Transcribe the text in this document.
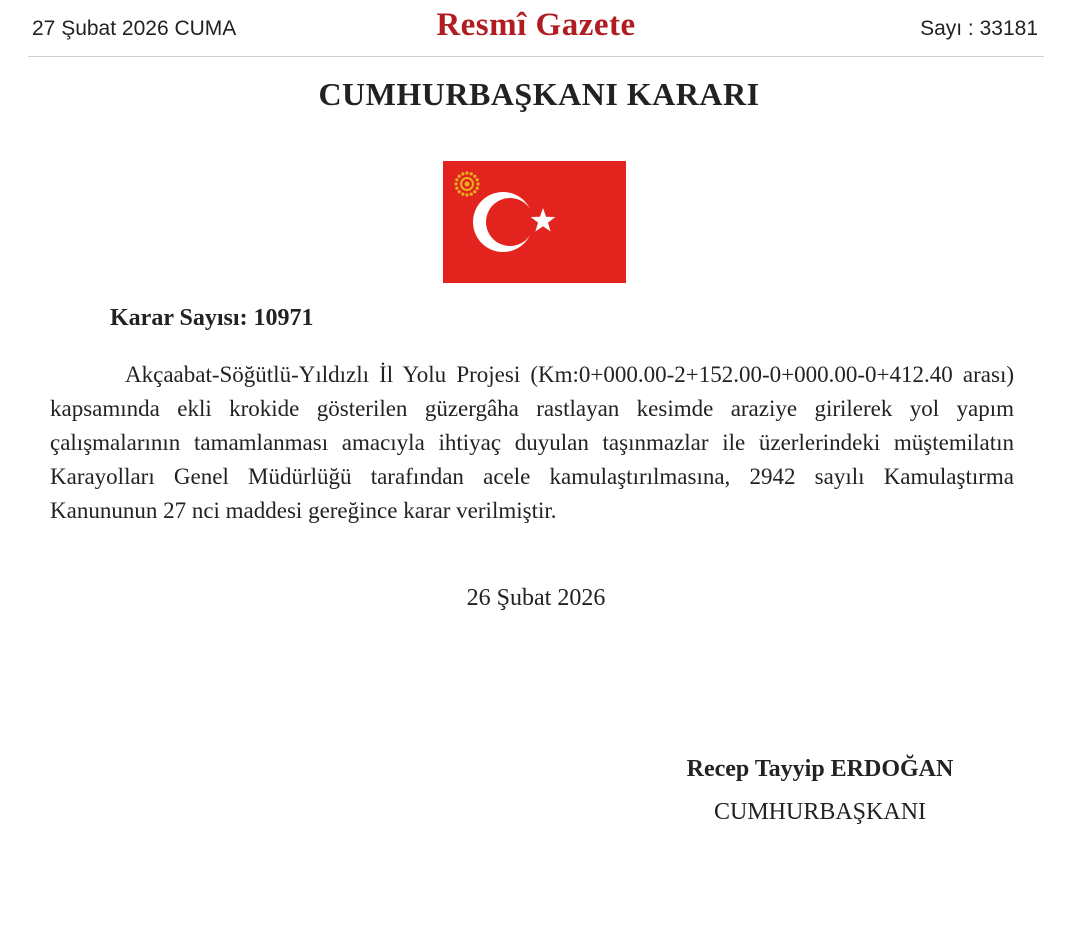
27 Şubat 2026 CUMA	Resmî Gazete	Sayı : 33181
CUMHURBAŞKANI KARARI
Karar Sayısı: 10971

Akçaabat-Söğütlü-Yıldızlı İl Yolu Projesi (Km:0+000.00-2+152.00-0+000.00-0+412.40 arası) kapsamında ekli krokide gösterilen güzergâha rastlayan kesimde araziye girilerek yol yapım çalışmalarının tamamlanması amacıyla ihtiyaç duyulan taşınmazlar ile üzerlerindeki müştemilatın Karayolları Genel Müdürlüğü tarafından acele kamulaştırılmasına, 2942 sayılı Kamulaştırma Kanununun 27 nci maddesi gereğince karar verilmiştir.

26 Şubat 2026
Recep Tayyip ERDOĞAN
CUMHURBAŞKANI
